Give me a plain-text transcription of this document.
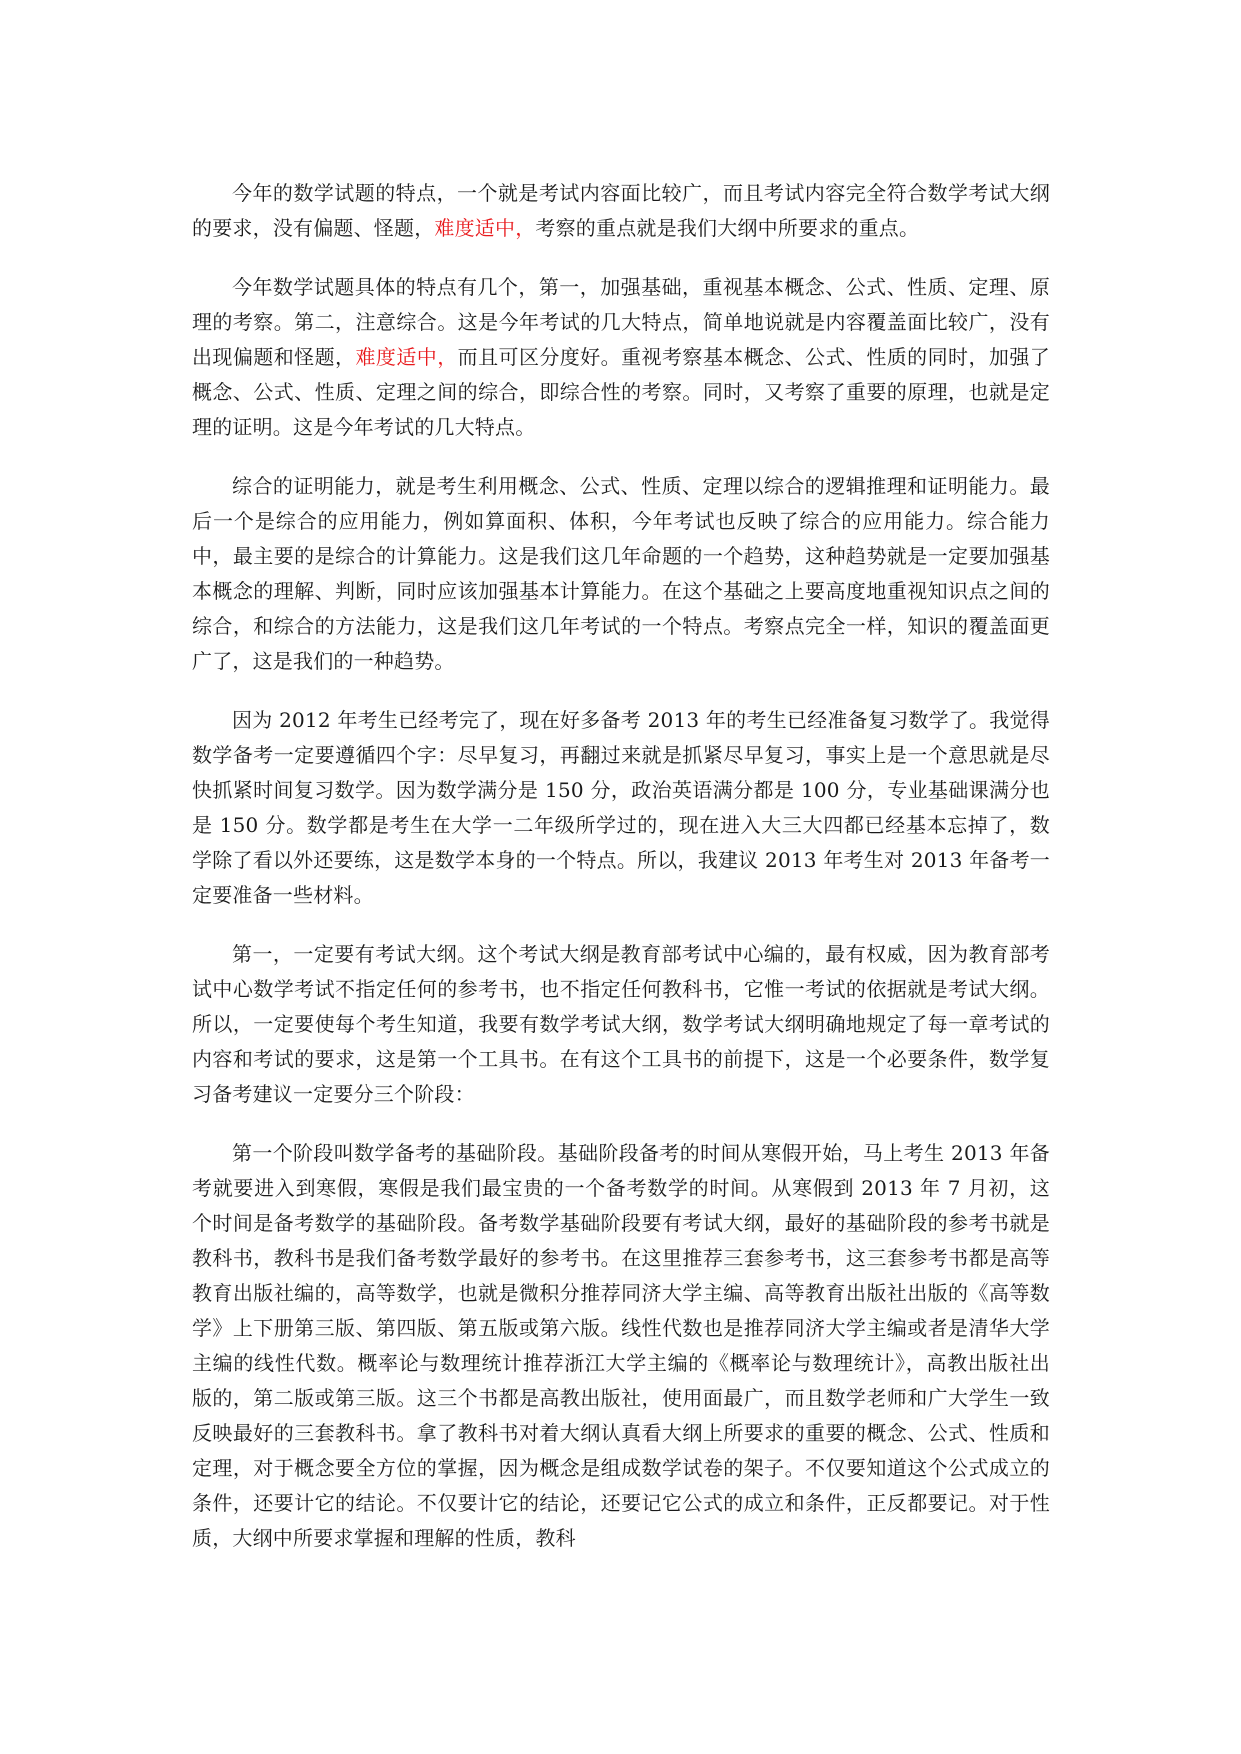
今年的数学试题的特点，一个就是考试内容面比较广，而且考试内容完全符合数学考试大纲的要求，没有偏题、怪题，难度适中，考察的重点就是我们大纲中所要求的重点。

今年数学试题具体的特点有几个，第一，加强基础，重视基本概念、公式、性质、定理、原理的考察。第二，注意综合。这是今年考试的几大特点，简单地说就是内容覆盖面比较广，没有出现偏题和怪题，难度适中，而且可区分度好。重视考察基本概念、公式、性质的同时，加强了概念、公式、性质、定理之间的综合，即综合性的考察。同时，又考察了重要的原理，也就是定理的证明。这是今年考试的几大特点。

综合的证明能力，就是考生利用概念、公式、性质、定理以综合的逻辑推理和证明能力。最后一个是综合的应用能力，例如算面积、体积，今年考试也反映了综合的应用能力。综合能力中，最主要的是综合的计算能力。这是我们这几年命题的一个趋势，这种趋势就是一定要加强基本概念的理解、判断，同时应该加强基本计算能力。在这个基础之上要高度地重视知识点之间的综合，和综合的方法能力，这是我们这几年考试的一个特点。考察点完全一样，知识的覆盖面更广了，这是我们的一种趋势。

因为 2012 年考生已经考完了，现在好多备考 2013 年的考生已经准备复习数学了。我觉得数学备考一定要遵循四个字：尽早复习，再翻过来就是抓紧尽早复习，事实上是一个意思就是尽快抓紧时间复习数学。因为数学满分是 150 分，政治英语满分都是 100 分，专业基础课满分也是 150 分。数学都是考生在大学一二年级所学过的，现在进入大三大四都已经基本忘掉了，数学除了看以外还要练，这是数学本身的一个特点。所以，我建议 2013 年考生对 2013 年备考一定要准备一些材料。

第一，一定要有考试大纲。这个考试大纲是教育部考试中心编的，最有权威，因为教育部考试中心数学考试不指定任何的参考书，也不指定任何教科书，它惟一考试的依据就是考试大纲。所以，一定要使每个考生知道，我要有数学考试大纲，数学考试大纲明确地规定了每一章考试的内容和考试的要求，这是第一个工具书。在有这个工具书的前提下，这是一个必要条件，数学复习备考建议一定要分三个阶段：

第一个阶段叫数学备考的基础阶段。基础阶段备考的时间从寒假开始，马上考生 2013 年备考就要进入到寒假，寒假是我们最宝贵的一个备考数学的时间。从寒假到 2013 年 7 月初，这个时间是备考数学的基础阶段。备考数学基础阶段要有考试大纲，最好的基础阶段的参考书就是教科书，教科书是我们备考数学最好的参考书。在这里推荐三套参考书，这三套参考书都是高等教育出版社编的，高等数学，也就是微积分推荐同济大学主编、高等教育出版社出版的《高等数学》上下册第三版、第四版、第五版或第六版。线性代数也是推荐同济大学主编或者是清华大学主编的线性代数。概率论与数理统计推荐浙江大学主编的《概率论与数理统计》，高教出版社出版的，第二版或第三版。这三个书都是高教出版社，使用面最广，而且数学老师和广大学生一致反映最好的三套教科书。拿了教科书对着大纲认真看大纲上所要求的重要的概念、公式、性质和定理，对于概念要全方位的掌握，因为概念是组成数学试卷的架子。不仅要知道这个公式成立的条件，还要计它的结论。不仅要计它的结论，还要记它公式的成立和条件，正反都要记。对于性质，大纲中所要求掌握和理解的性质，教科
